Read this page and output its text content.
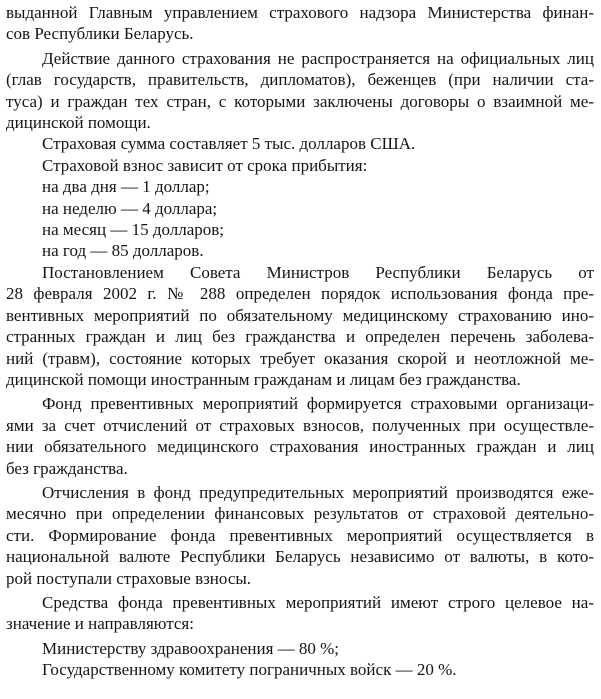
выданной Главным управлением страхового надзора Министерства финан-
сов Республики Беларусь.
Действие данного страхования не распространяется на официальных лиц
(глав государств, правительств, дипломатов), беженцев (при наличии ста-
туса) и граждан тех стран, с которыми заключены договоры о взаимной ме-
дицинской помощи.
Страховая сумма составляет 5 тыс. долларов США.
Страховой взнос зависит от срока прибытия:
на два дня — 1 доллар;
на неделю — 4 доллара;
на месяц — 15 долларов;
на год — 85 долларов.
Постановлением Совета Министров Республики Беларусь от
28 февраля 2002 г. № 288 определен порядок использования фонда пре-
вентивных мероприятий по обязательному медицинскому страхованию ино-
странных граждан и лиц без гражданства и определен перечень заболева-
ний (травм), состояние которых требует оказания скорой и неотложной ме-
дицинской помощи иностранным гражданам и лицам без гражданства.
Фонд превентивных мероприятий формируется страховыми организаци-
ями за счет отчислений от страховых взносов, полученных при осуществле-
нии обязательного медицинского страхования иностранных граждан и лиц
без гражданства.
Отчисления в фонд предупредительных мероприятий производятся еже-
месячно при определении финансовых результатов от страховой деятельно-
сти. Формирование фонда превентивных мероприятий осуществляется в
национальной валюте Республики Беларусь независимо от валюты, в кото-
рой поступали страховые взносы.
Средства фонда превентивных мероприятий имеют строго целевое на-
значение и направляются:
Министерству здравоохранения — 80 %;
Государственному комитету пограничных войск — 20 %.
